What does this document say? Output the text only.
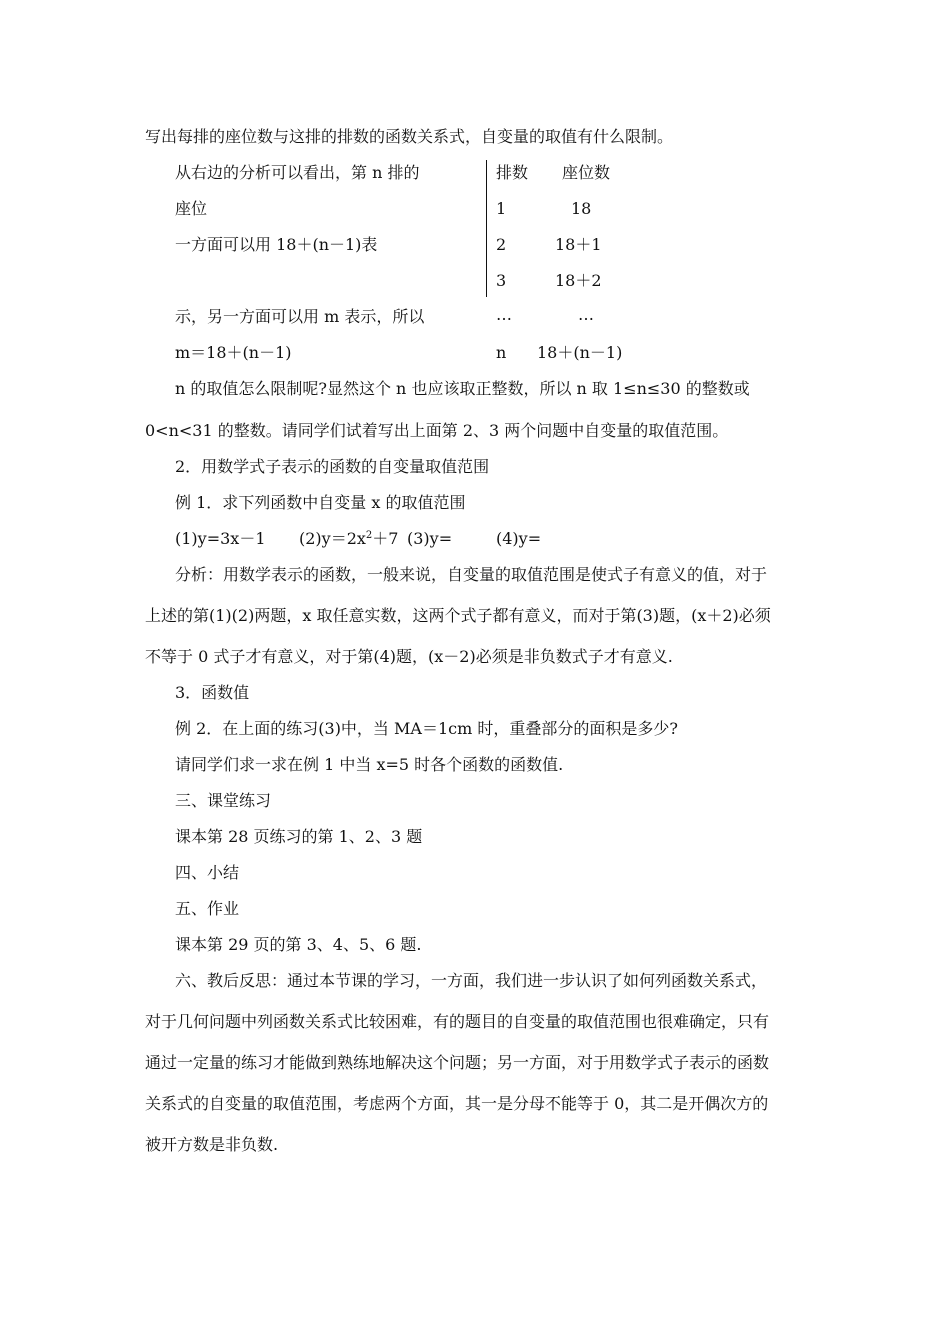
写出每排的座位数与这排的排数的函数关系式，自变量的取值有什么限制。
从右边的分析可以看出，第 n 排的
座位
一方面可以用 18＋(n－1)表
示，另一方面可以用 m 表示，所以
m＝18＋(n－1)
排数 座位数
1	18
2	18＋1
3	18＋2
…	…
n 18＋(n－1)
n 的取值怎么限制呢?显然这个 n 也应该取正整数，所以 n 取 1≤n≤30 的整数或
0<n<31 的整数。请同学们试着写出上面第 2、3 两个问题中自变量的取值范围。
2．用数学式子表示的函数的自变量取值范围
例 1．求下列函数中自变量 x 的取值范围
(1)y=3x－1 $(2)y=2x^2+7$ (3)y=	(4)y=
分析：用数学表示的函数，一般来说，自变量的取值范围是使式子有意义的值，对于
上述的第(1)(2)两题，x 取任意实数，这两个式子都有意义，而对于第(3)题，(x＋2)必须
不等于 0 式子才有意义，对于第(4)题，(x－2)必须是非负数式子才有意义.
3．函数值
例 2．在上面的练习(3)中，当 MA＝1cm 时，重叠部分的面积是多少?
请同学们求一求在例 1 中当 x=5 时各个函数的函数值.
三、课堂练习
课本第 28 页练习的第 1、2、3 题
四、小结
五、作业
课本第 29 页的第 3、4、5、6 题.
六、教后反思：通过本节课的学习，一方面，我们进一步认识了如何列函数关系式，
对于几何问题中列函数关系式比较困难，有的题目的自变量的取值范围也很难确定，只有
通过一定量的练习才能做到熟练地解决这个问题；另一方面，对于用数学式子表示的函数
关系式的自变量的取值范围，考虑两个方面，其一是分母不能等于 0，其二是开偶次方的
被开方数是非负数.
